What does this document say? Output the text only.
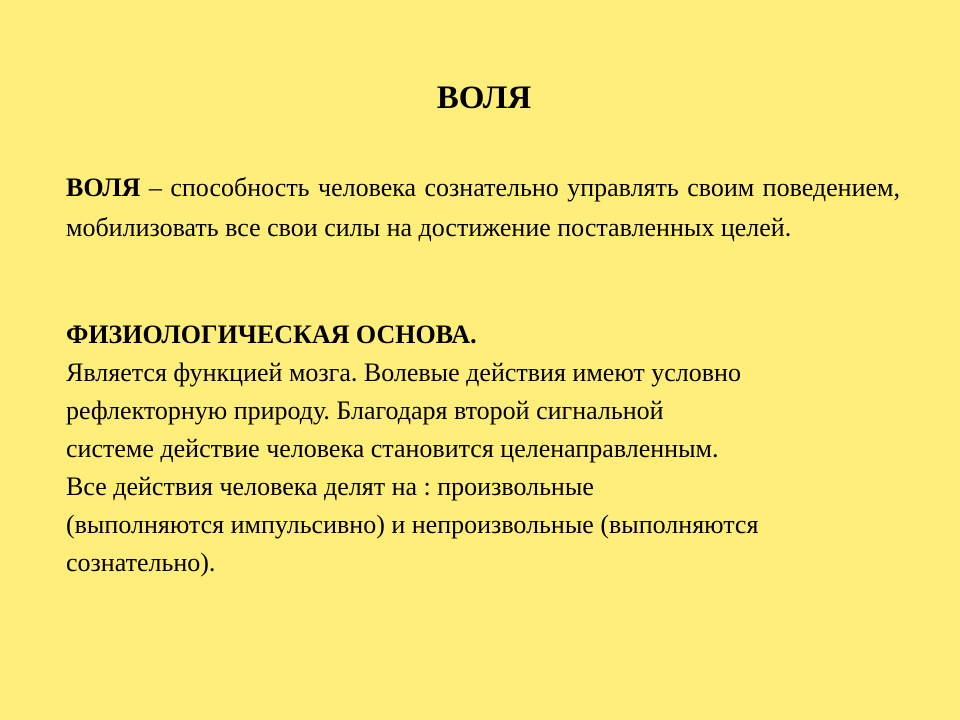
ВОЛЯ
ВОЛЯ – способность человека сознательно управлять своим поведением, мобилизовать все свои силы на достижение поставленных целей.

ФИЗИОЛОГИЧЕСКАЯ ОСНОВА.

Является функцией мозга. Волевые действия имеют условно

рефлекторную природу. Благодаря второй сигнальной

системе действие человека становится целенаправленным.

Все действия человека делят на : произвольные

(выполняются импульсивно) и непроизвольные (выполняются

сознательно).
